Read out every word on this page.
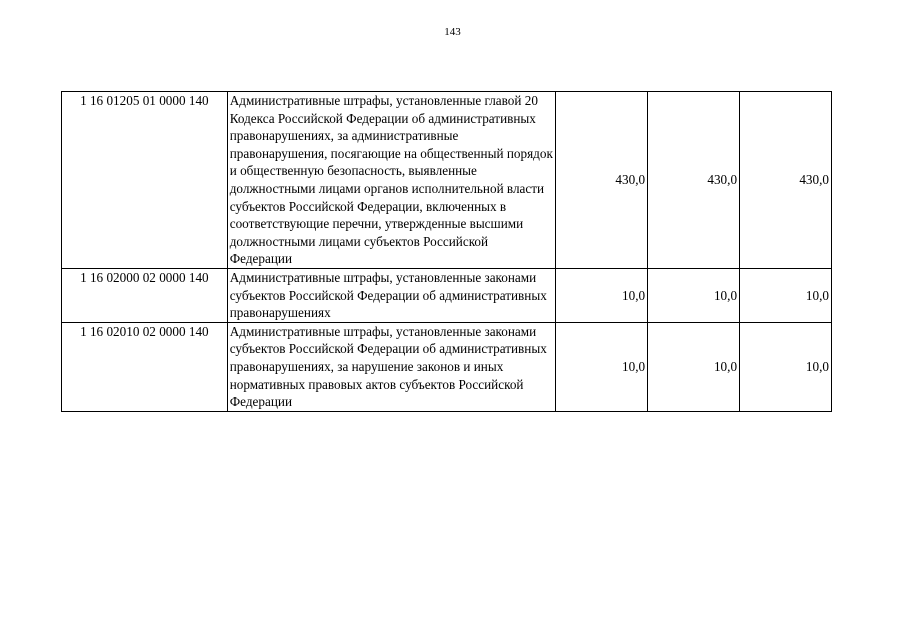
143
1 16 01205 01 0000 140	Административные штрафы, установленные главой 20 Кодекса Российской Федерации об административных правонарушениях, за административные правонарушения, посягающие на общественный порядок и общественную безопасность, выявленные должностными лицами органов исполнительной власти субъектов Российской Федерации, включенных в соответствующие перечни, утвержденные высшими должностными лицами субъектов Российской Федерации	430,0	430,0	430,0
1 16 02000 02 0000 140	Административные штрафы, установленные законами субъектов Российской Федерации об административных правонарушениях	10,0	10,0	10,0
1 16 02010 02 0000 140	Административные штрафы, установленные законами субъектов Российской Федерации об административных правонарушениях, за нарушение законов и иных нормативных правовых актов субъектов Российской Федерации	10,0	10,0	10,0
